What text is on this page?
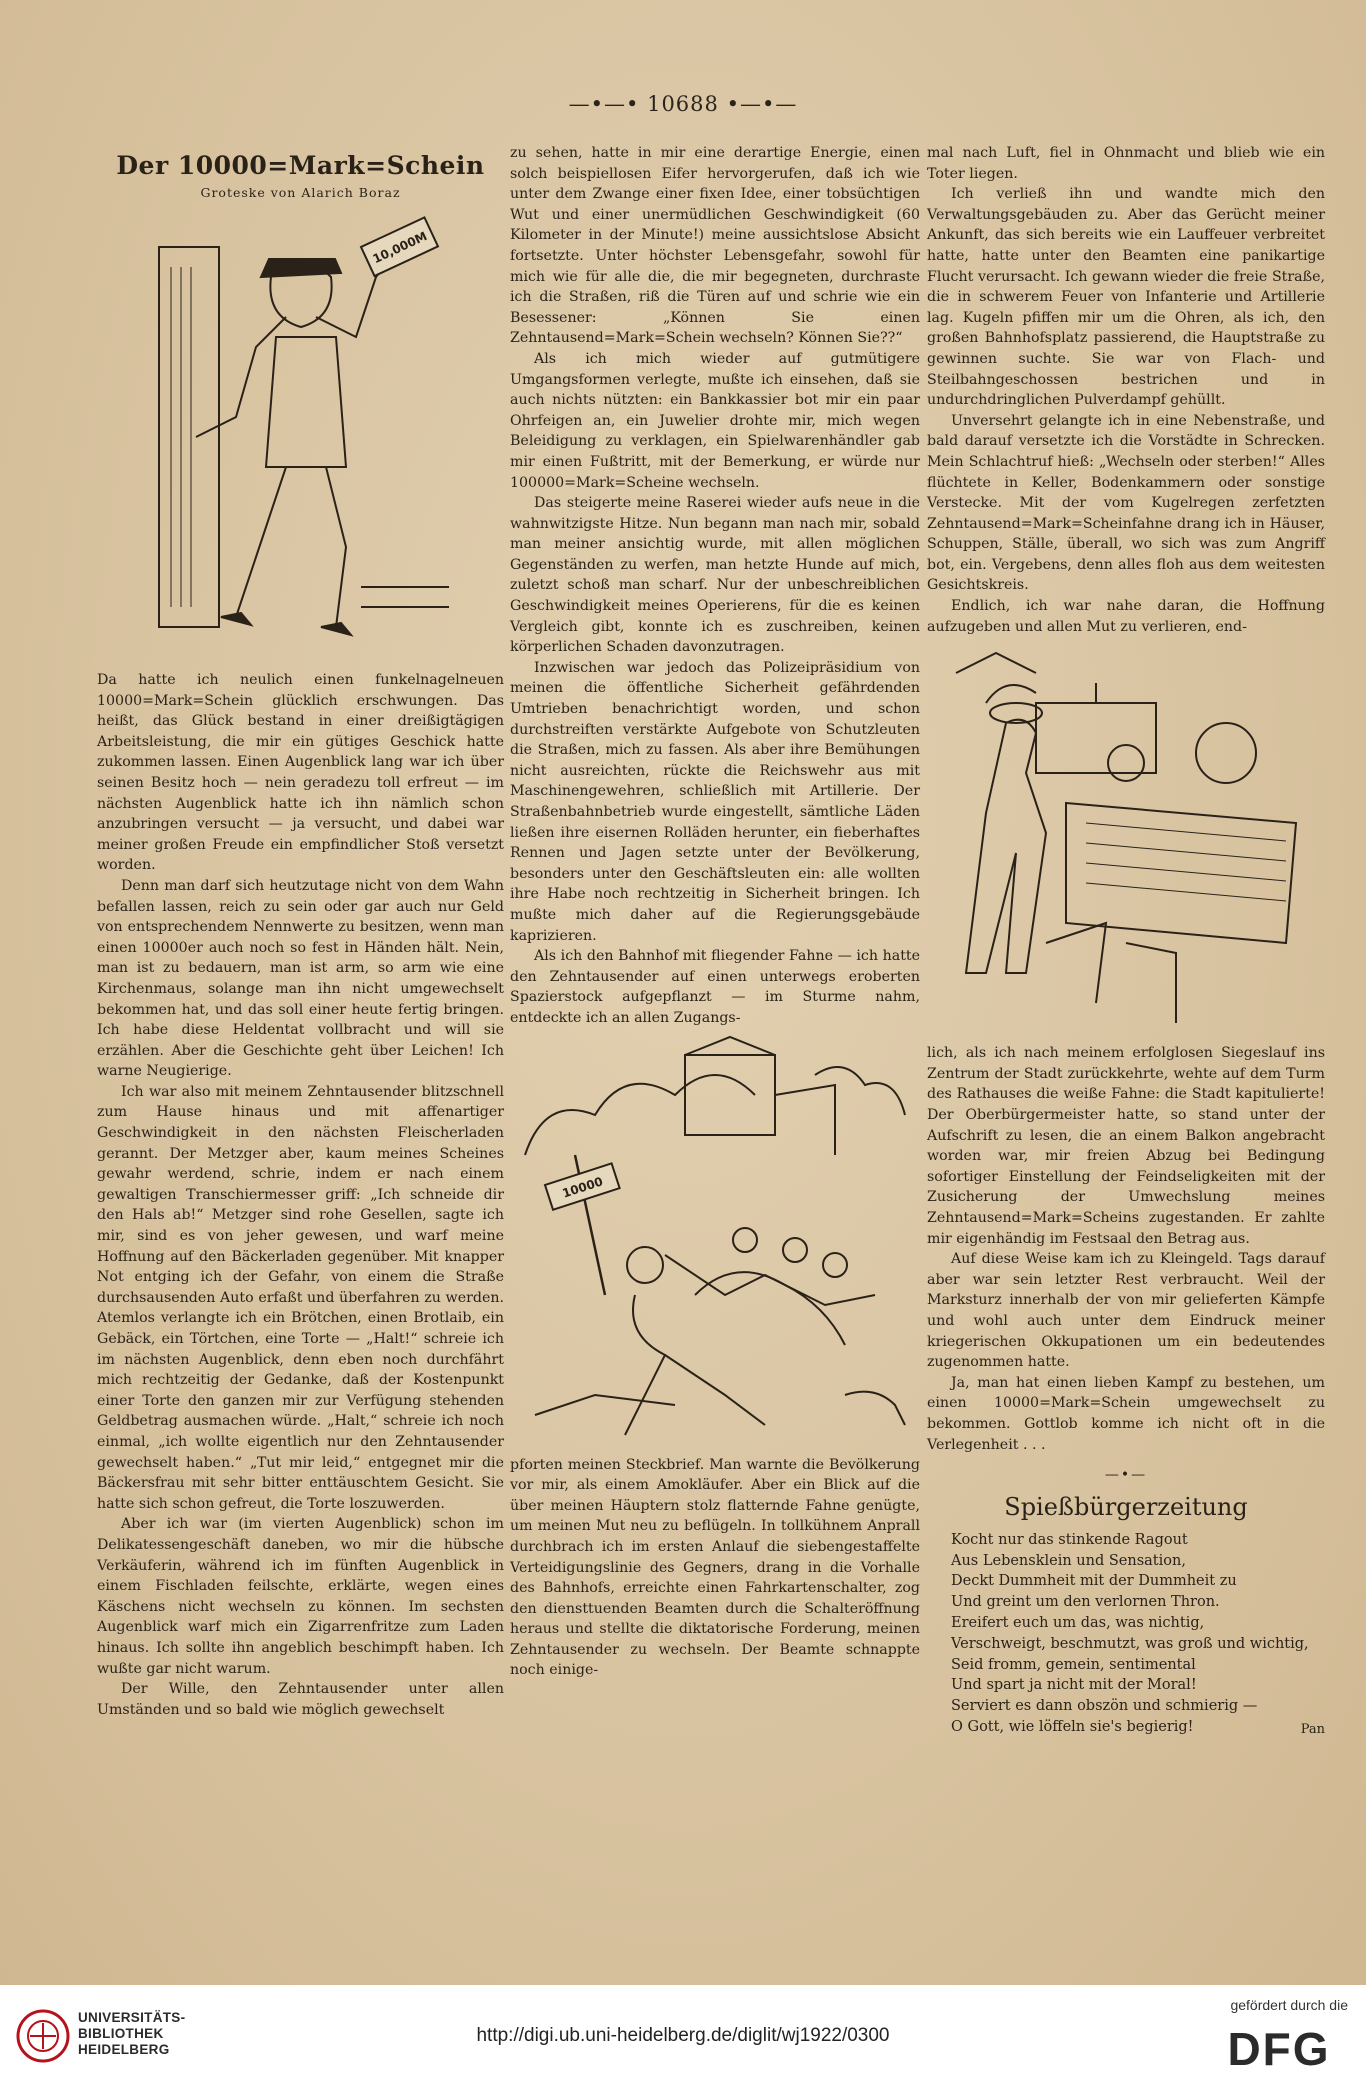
—•—• 10688 •—•—
Der 10000=Mark=Schein
Groteske von Alarich Boraz
10,000M

Da hatte ich neulich einen funkelnagelneuen 10000=Mark=Schein glücklich erschwungen. Das heißt, das Glück bestand in einer dreißigtägigen Arbeitsleistung, die mir ein gütiges Geschick hatte zukommen lassen. Einen Augenblick lang war ich über seinen Besitz hoch — nein geradezu toll erfreut — im nächsten Augenblick hatte ich ihn nämlich schon anzubringen versucht — ja versucht, und dabei war meiner großen Freude ein empfindlicher Stoß versetzt worden.

Denn man darf sich heutzutage nicht von dem Wahn befallen lassen, reich zu sein oder gar auch nur Geld von entsprechendem Nennwerte zu besitzen, wenn man einen 10000er auch noch so fest in Händen hält. Nein, man ist zu bedauern, man ist arm, so arm wie eine Kirchenmaus, solange man ihn nicht umgewechselt bekommen hat, und das soll einer heute fertig bringen. Ich habe diese Heldentat vollbracht und will sie erzählen. Aber die Geschichte geht über Leichen! Ich warne Neugierige.

Ich war also mit meinem Zehntausender blitzschnell zum Hause hinaus und mit affenartiger Geschwindigkeit in den nächsten Fleischerladen gerannt. Der Metzger aber, kaum meines Scheines gewahr werdend, schrie, indem er nach einem gewaltigen Transchiermesser griff: „Ich schneide dir den Hals ab!“ Metzger sind rohe Gesellen, sagte ich mir, sind es von jeher gewesen, und warf meine Hoffnung auf den Bäckerladen gegenüber. Mit knapper Not entging ich der Gefahr, von einem die Straße durchsausenden Auto erfaßt und überfahren zu werden. Atemlos verlangte ich ein Brötchen, einen Brotlaib, ein Gebäck, ein Törtchen, eine Torte — „Halt!“ schreie ich im nächsten Augenblick, denn eben noch durchfährt mich rechtzeitig der Gedanke, daß der Kostenpunkt einer Torte den ganzen mir zur Verfügung stehenden Geldbetrag ausmachen würde. „Halt,“ schreie ich noch einmal, „ich wollte eigentlich nur den Zehntausender gewechselt haben.“ „Tut mir leid,“ entgegnet mir die Bäckersfrau mit sehr bitter enttäuschtem Gesicht. Sie hatte sich schon gefreut, die Torte loszuwerden.

Aber ich war (im vierten Augenblick) schon im Delikatessengeschäft daneben, wo mir die hübsche Verkäuferin, während ich im fünften Augenblick in einem Fischladen feilschte, erklärte, wegen eines Käschens nicht wechseln zu können. Im sechsten Augenblick warf mich ein Zigarrenfritze zum Laden hinaus. Ich sollte ihn angeblich beschimpft haben. Ich wußte gar nicht warum.

Der Wille, den Zehntausender unter allen Umständen und so bald wie möglich gewechselt

zu sehen, hatte in mir eine derartige Energie, einen solch beispiellosen Eifer hervorgerufen, daß ich wie unter dem Zwange einer fixen Idee, einer tobsüchtigen Wut und einer unermüdlichen Geschwindigkeit (60 Kilometer in der Minute!) meine aussichtslose Absicht fortsetzte. Unter höchster Lebensgefahr, sowohl für mich wie für alle die, die mir begegneten, durchraste ich die Straßen, riß die Türen auf und schrie wie ein Besessener: „Können Sie einen Zehntausend=Mark=Schein wechseln? Können Sie??“

Als ich mich wieder auf gutmütigere Umgangsformen verlegte, mußte ich einsehen, daß sie auch nichts nützten: ein Bankkassier bot mir ein paar Ohrfeigen an, ein Juwelier drohte mir, mich wegen Beleidigung zu verklagen, ein Spielwarenhändler gab mir einen Fußtritt, mit der Bemerkung, er würde nur 100000=Mark=Scheine wechseln.

Das steigerte meine Raserei wieder aufs neue in die wahnwitzigste Hitze. Nun begann man nach mir, sobald man meiner ansichtig wurde, mit allen möglichen Gegenständen zu werfen, man hetzte Hunde auf mich, zuletzt schoß man scharf. Nur der unbeschreiblichen Geschwindigkeit meines Operierens, für die es keinen Vergleich gibt, konnte ich es zuschreiben, keinen körperlichen Schaden davonzutragen.

Inzwischen war jedoch das Polizeipräsidium von meinen die öffentliche Sicherheit gefährdenden Umtrieben benachrichtigt worden, und schon durchstreiften verstärkte Aufgebote von Schutzleuten die Straßen, mich zu fassen. Als aber ihre Bemühungen nicht ausreichten, rückte die Reichswehr aus mit Maschinengewehren, schließlich mit Artillerie. Der Straßenbahnbetrieb wurde eingestellt, sämtliche Läden ließen ihre eisernen Rolläden herunter, ein fieberhaftes Rennen und Jagen setzte unter der Bevölkerung, besonders unter den Geschäftsleuten ein: alle wollten ihre Habe noch rechtzeitig in Sicherheit bringen. Ich mußte mich daher auf die Regierungsgebäude kaprizieren.

Als ich den Bahnhof mit fliegender Fahne — ich hatte den Zehntausender auf einen unterwegs eroberten Spazierstock aufgepflanzt — im Sturme nahm, entdeckte ich an allen Zugangs-

10000

pforten meinen Steckbrief. Man warnte die Bevölkerung vor mir, als einem Amokläufer. Aber ein Blick auf die über meinen Häuptern stolz flatternde Fahne genügte, um meinen Mut neu zu beflügeln. In tollkühnem Anprall durchbrach ich im ersten Anlauf die siebengestaffelte Verteidigungslinie des Gegners, drang in die Vorhalle des Bahnhofs, erreichte einen Fahrkartenschalter, zog den diensttuenden Beamten durch die Schalteröffnung heraus und stellte die diktatorische Forderung, meinen Zehntausender zu wechseln. Der Beamte schnappte noch einige-

mal nach Luft, fiel in Ohnmacht und blieb wie ein Toter liegen.

Ich verließ ihn und wandte mich den Verwaltungsgebäuden zu. Aber das Gerücht meiner Ankunft, das sich bereits wie ein Lauffeuer verbreitet hatte, hatte unter den Beamten eine panikartige Flucht verursacht. Ich gewann wieder die freie Straße, die in schwerem Feuer von Infanterie und Artillerie lag. Kugeln pfiffen mir um die Ohren, als ich, den großen Bahnhofsplatz passierend, die Hauptstraße zu gewinnen suchte. Sie war von Flach- und Steilbahngeschossen bestrichen und in undurchdringlichen Pulverdampf gehüllt.

Unversehrt gelangte ich in eine Nebenstraße, und bald darauf versetzte ich die Vorstädte in Schrecken. Mein Schlachtruf hieß: „Wechseln oder sterben!“ Alles flüchtete in Keller, Bodenkammern oder sonstige Verstecke. Mit der vom Kugelregen zerfetzten Zehntausend=Mark=Scheinfahne drang ich in Häuser, Schuppen, Ställe, überall, wo sich was zum Angriff bot, ein. Vergebens, denn alles floh aus dem weitesten Gesichtskreis.

Endlich, ich war nahe daran, die Hoffnung aufzugeben und allen Mut zu verlieren, end-

lich, als ich nach meinem erfolglosen Siegeslauf ins Zentrum der Stadt zurückkehrte, wehte auf dem Turm des Rathauses die weiße Fahne: die Stadt kapitulierte! Der Oberbürgermeister hatte, so stand unter der Aufschrift zu lesen, die an einem Balkon angebracht worden war, mir freien Abzug bei Bedingung sofortiger Einstellung der Feindseligkeiten mit der Zusicherung der Umwechslung meines Zehntausend=Mark=Scheins zugestanden. Er zahlte mir eigenhändig im Festsaal den Betrag aus.

Auf diese Weise kam ich zu Kleingeld. Tags darauf aber war sein letzter Rest verbraucht. Weil der Marksturz innerhalb der von mir gelieferten Kämpfe und wohl auch unter dem Eindruck meiner kriegerischen Okkupationen um ein bedeutendes zugenommen hatte.

Ja, man hat einen lieben Kampf zu bestehen, um einen 10000=Mark=Schein umgewechselt zu bekommen. Gottlob komme ich nicht oft in die Verlegenheit . . .

—•—
Spießbürgerzeitung

Kocht nur das stinkende Ragout

Aus Lebensklein und Sensation,

Deckt Dummheit mit der Dummheit zu

Und greint um den verlornen Thron.

Ereifert euch um das, was nichtig,

Verschweigt, beschmutzt, was groß und wichtig,

Seid fromm, gemein, sentimental

Und spart ja nicht mit der Moral!

Serviert es dann obszön und schmierig —

O Gott, wie löffeln sie's begierig!	Pan
UNIVERSITÄTS-
BIBLIOTHEK
HEIDELBERG
http://digi.ub.uni-heidelberg.de/diglit/wj1922/0300
gefördert durch die
DFG
